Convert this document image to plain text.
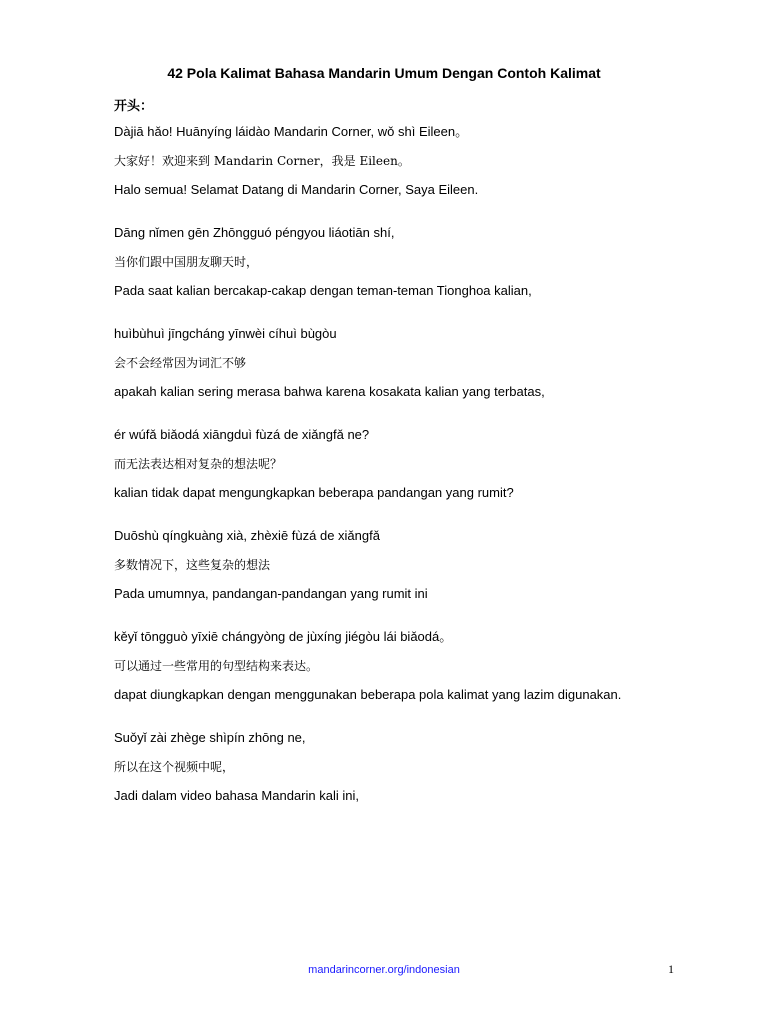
42 Pola Kalimat Bahasa Mandarin Umum Dengan Contoh Kalimat
开头：
Dàjiā hǎo! Huānyíng láidào Mandarin Corner, wǒ shì Eileen。
大家好！欢迎来到 Mandarin Corner，我是 Eileen。
Halo semua! Selamat Datang di Mandarin Corner, Saya Eileen.
Dāng nǐmen gēn Zhōngguó péngyou liáotiān shí,
当你们跟中国朋友聊天时，
Pada saat kalian bercakap-cakap dengan teman-teman Tionghoa kalian,
huìbùhuì jīngcháng yīnwèi cíhuì bùgòu
会不会经常因为词汇不够
apakah kalian sering merasa bahwa karena kosakata kalian yang terbatas,
ér wúfǎ biǎodá xiāngduì fùzá de xiǎngfǎ ne?
而无法表达相对复杂的想法呢？
kalian tidak dapat mengungkapkan beberapa pandangan yang rumit?
Duōshù qíngkuàng xià, zhèxiē fùzá de xiǎngfǎ
多数情况下，这些复杂的想法
Pada umumnya, pandangan-pandangan yang rumit ini
kěyǐ tōngguò yīxiē chángyòng de jùxíng jiégòu lái biǎodá。
可以通过一些常用的句型结构来表达。
dapat diungkapkan dengan menggunakan beberapa pola kalimat yang lazim digunakan.
Suǒyǐ zài zhège shìpín zhōng ne,
所以在这个视频中呢，
Jadi dalam video bahasa Mandarin kali ini,
mandarincorner.org/indonesian	1
